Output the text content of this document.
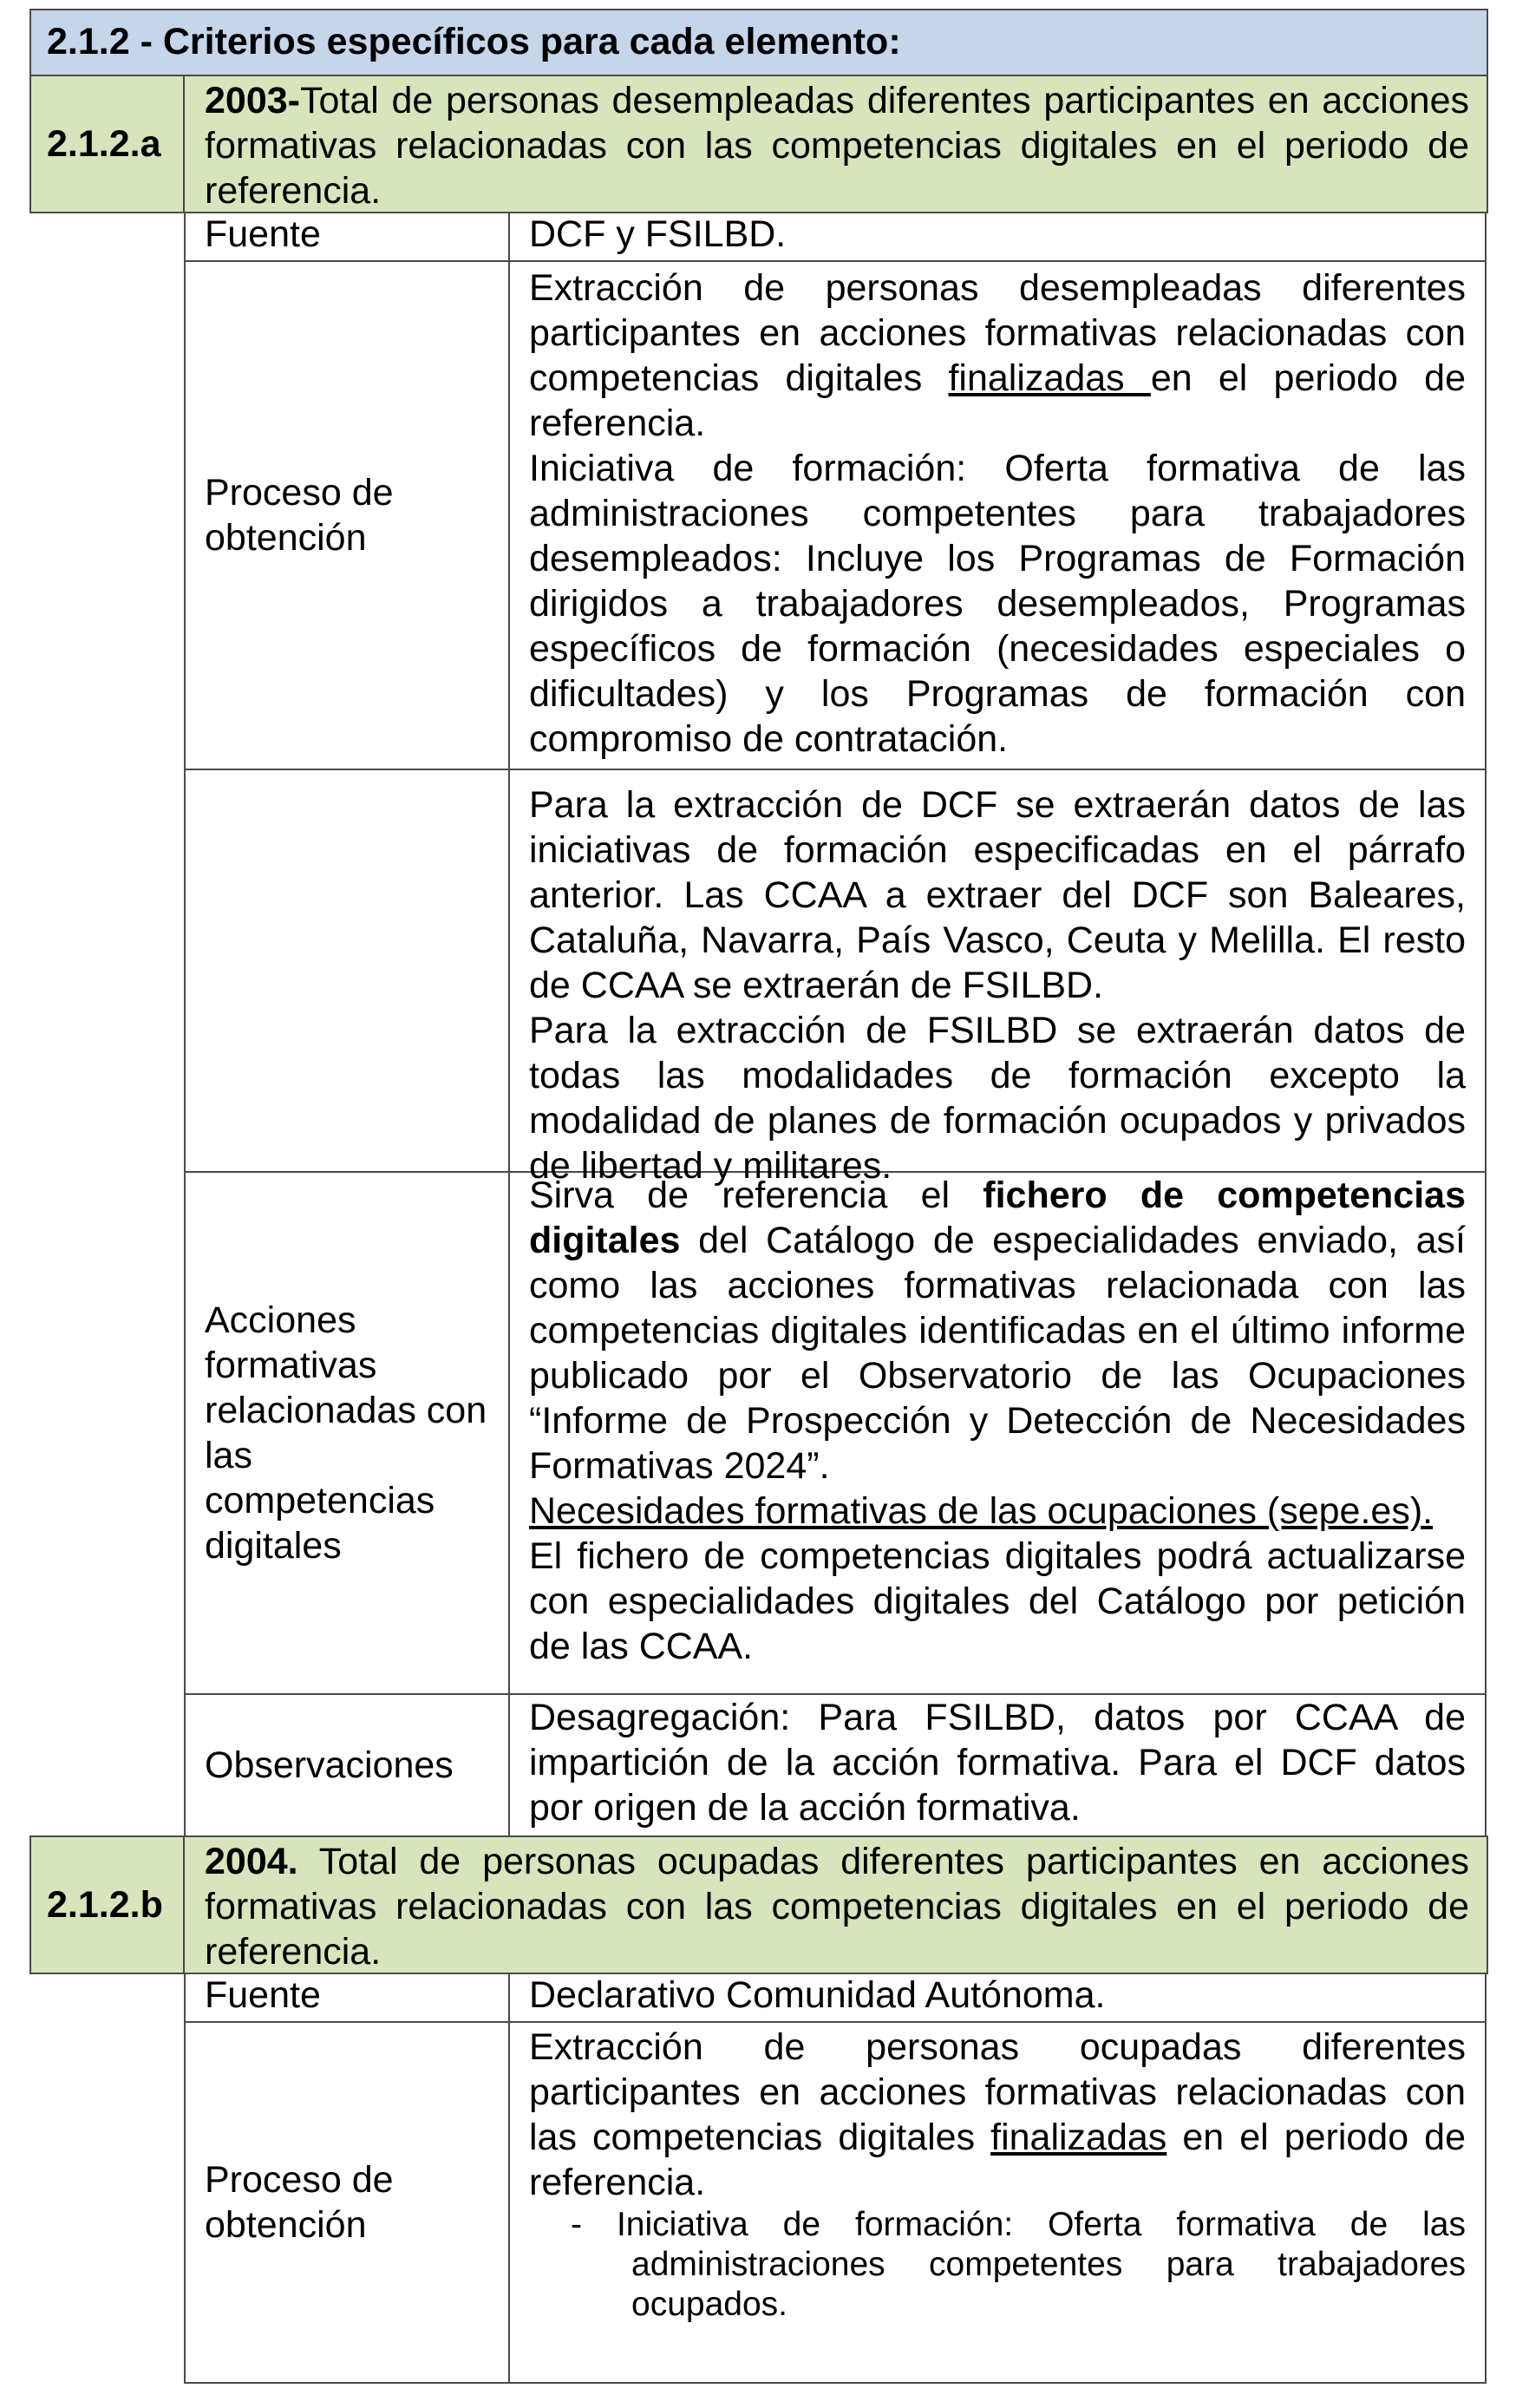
2.1.2 - Criterios específicos para cada elemento:
2.1.2.a
2003-Total de personas desempleadas diferentes participantes en acciones formativas relacionadas con las competencias digitales en el periodo de referencia.
Fuente	DCF y FSILBD.
Proceso de obtención

Extracción de personas desempleadas diferentes participantes en acciones formativas relacionadas con competencias digitales finalizadas en el periodo de referencia.

Iniciativa de formación: Oferta formativa de las administraciones competentes para trabajadores desempleados: Incluye los Programas de Formación dirigidos a trabajadores desempleados, Programas específicos de formación (necesidades especiales o dificultades) y los Programas de formación con compromiso de contratación.

Para la extracción de DCF se extraerán datos de las iniciativas de formación especificadas en el párrafo anterior. Las CCAA a extraer del DCF son Baleares, Cataluña, Navarra, País Vasco, Ceuta y Melilla. El resto de CCAA se extraerán de FSILBD.

Para la extracción de FSILBD se extraerán datos de todas las modalidades de formación excepto la modalidad de planes de formación ocupados y privados de libertad y militares.

Acciones formativas relacionadas con las competencias digitales

Sirva de referencia el fichero de competencias digitales del Catálogo de especialidades enviado, así como las acciones formativas relacionada con las competencias digitales identificadas en el último informe publicado por el Observatorio de las Ocupaciones “Informe de Prospección y Detección de Necesidades Formativas 2024”.

Necesidades formativas de las ocupaciones (sepe.es).

El fichero de competencias digitales podrá actualizarse con especialidades digitales del Catálogo por petición de las CCAA.

Observaciones
Desagregación: Para FSILBD, datos por CCAA de impartición de la acción formativa. Para el DCF datos por origen de la acción formativa.
2.1.2.b
2004. Total de personas ocupadas diferentes participantes en acciones formativas relacionadas con las competencias digitales en el periodo de referencia.
Fuente	Declarativo Comunidad Autónoma.
Proceso de obtención

Extracción de personas ocupadas diferentes participantes en acciones formativas relacionadas con las competencias digitales finalizadas en el periodo de referencia.

- Iniciativa de formación: Oferta formativa de las administraciones competentes para trabajadores ocupados.
